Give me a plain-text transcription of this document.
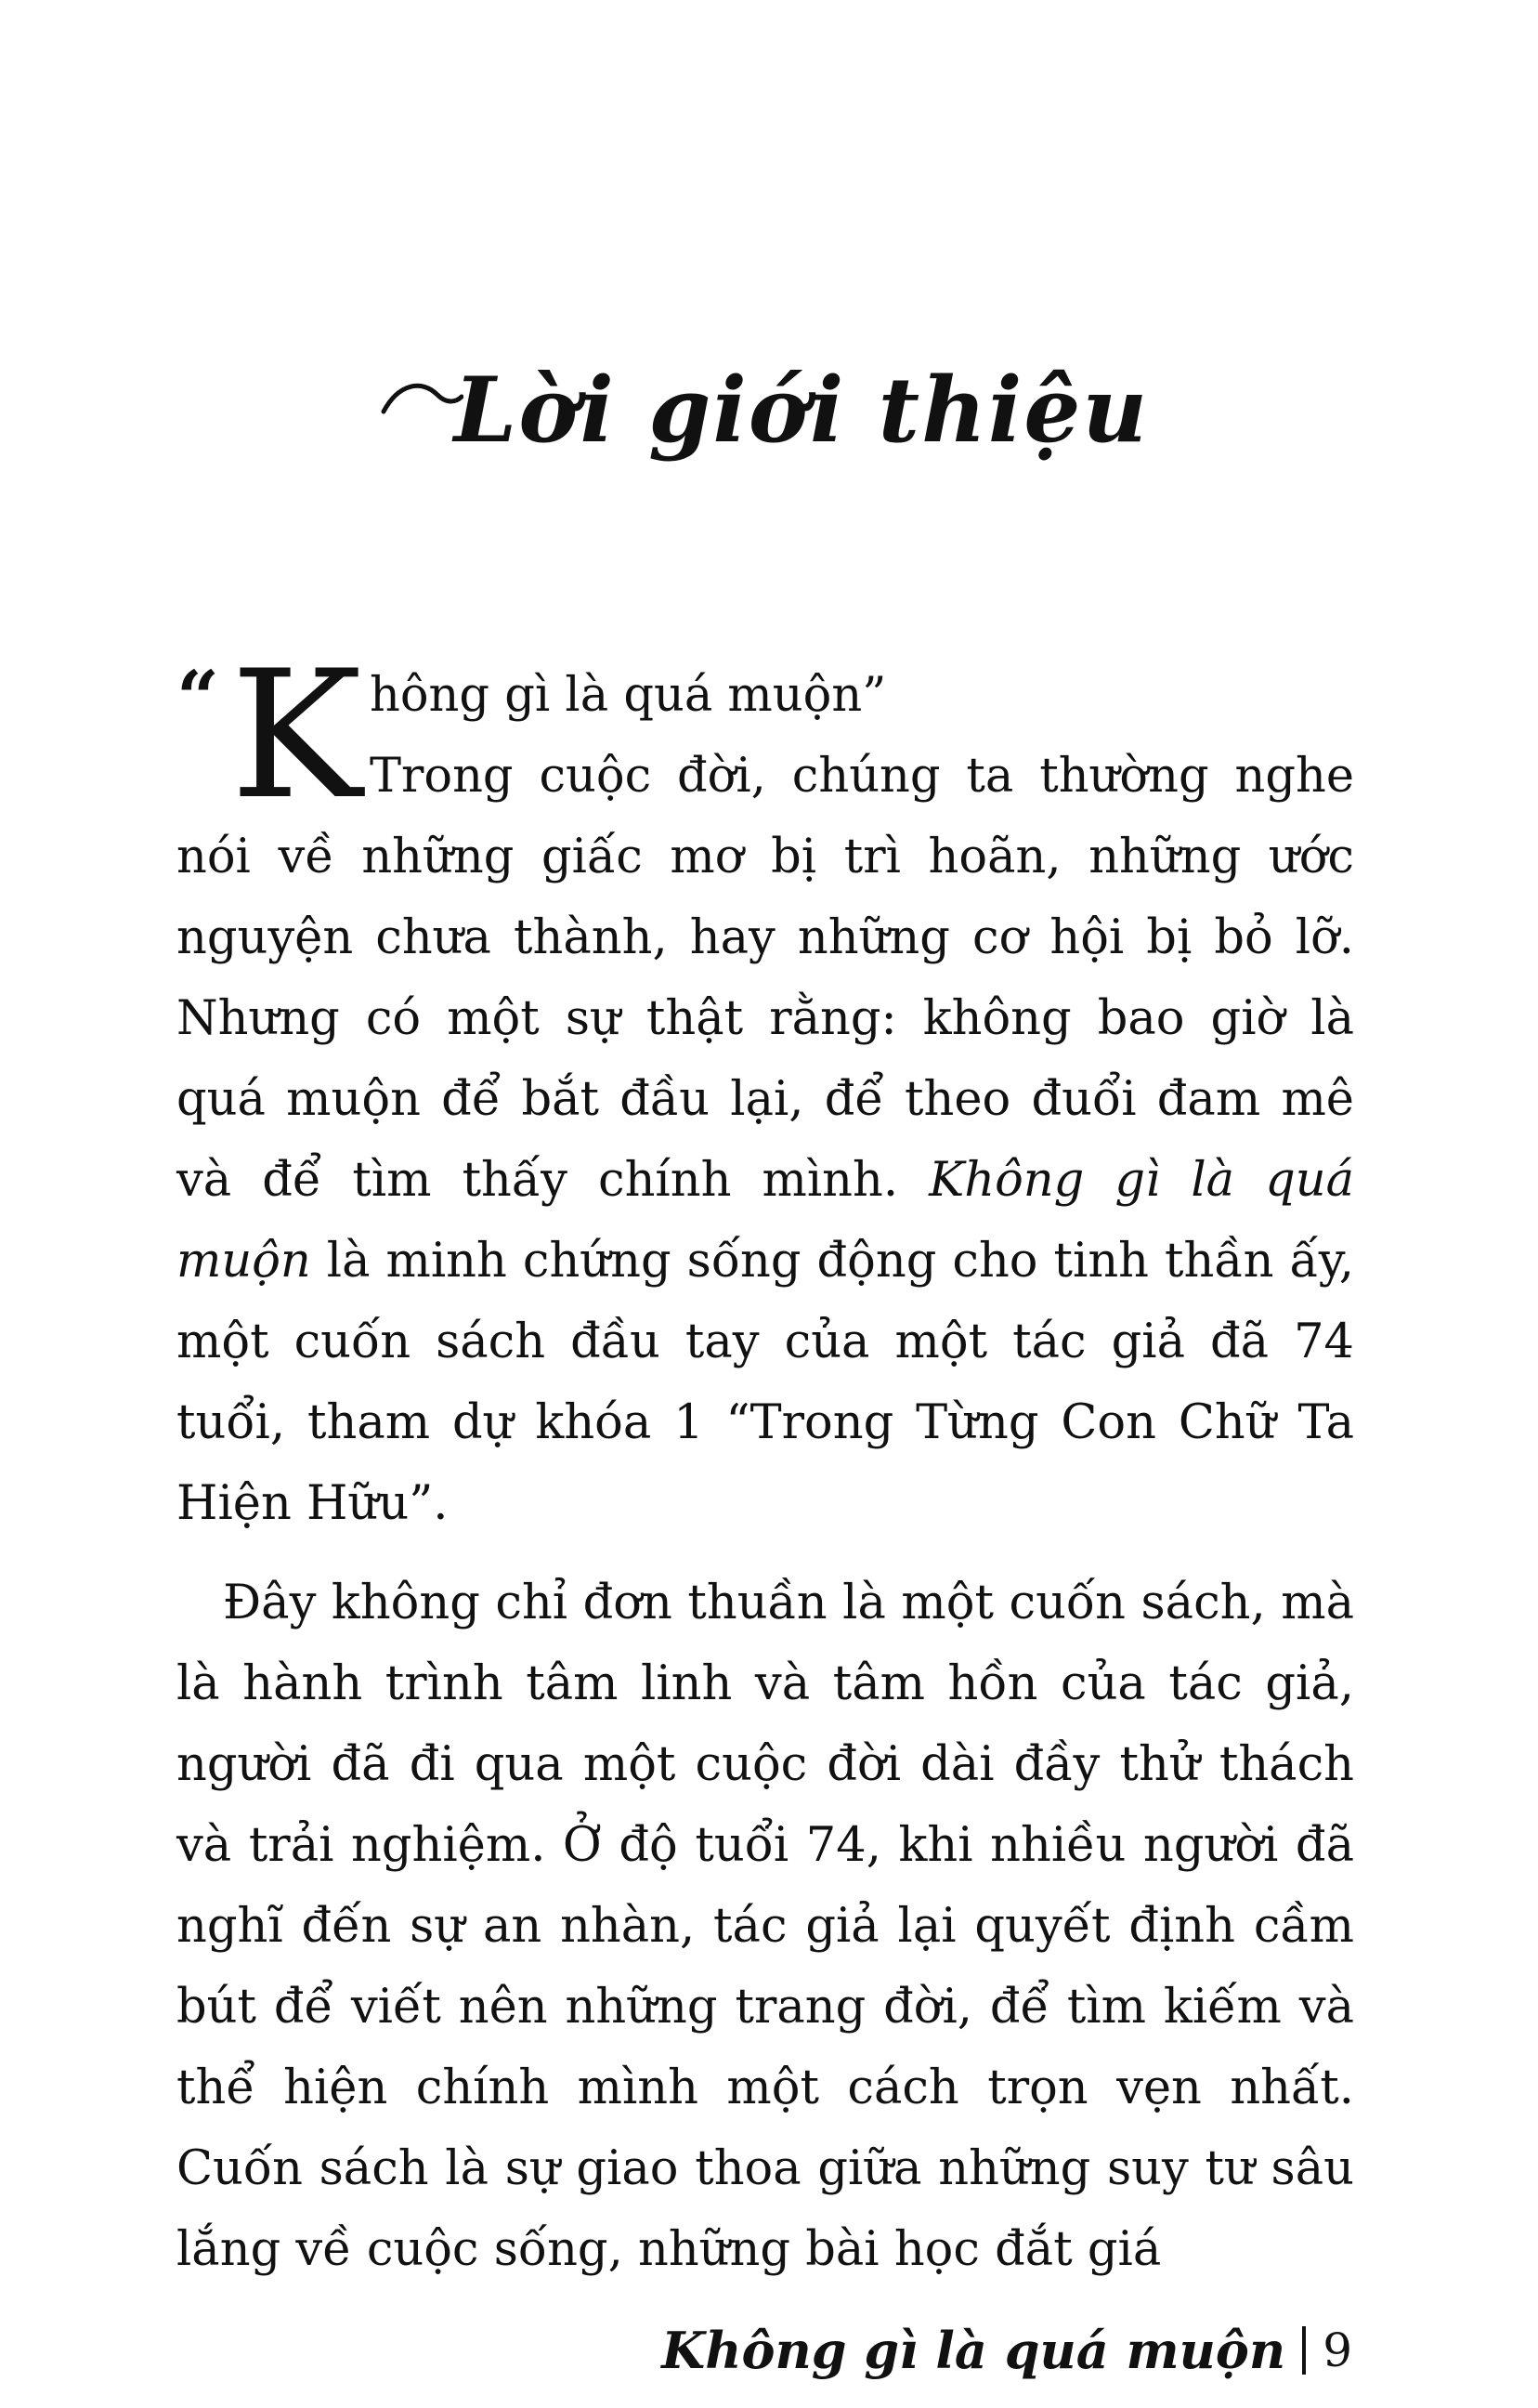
Lời giới thiệu

“ K hông gì là quá muộn”
Trong cuộc đời, chúng ta thường nghe nói về những giấc mơ bị trì hoãn, những ước nguyện chưa thành, hay những cơ hội bị bỏ lỡ. Nhưng có một sự thật rằng: không bao giờ là quá muộn để bắt đầu lại, để theo đuổi đam mê và để tìm thấy chính mình. Không gì là quá muộn là minh chứng sống động cho tinh thần ấy, một cuốn sách đầu tay của một tác giả đã 74 tuổi, tham dự khóa 1 “Trong Từng Con Chữ Ta Hiện Hữu”.

Đây không chỉ đơn thuần là một cuốn sách, mà là hành trình tâm linh và tâm hồn của tác giả, người đã đi qua một cuộc đời dài đầy thử thách và trải nghiệm. Ở độ tuổi 74, khi nhiều người đã nghĩ đến sự an nhàn, tác giả lại quyết định cầm bút để viết nên những trang đời, để tìm kiếm và thể hiện chính mình một cách trọn vẹn nhất. Cuốn sách là sự giao thoa giữa những suy tư sâu lắng về cuộc sống, những bài học đắt giá

Không gì là quá muộn 9
